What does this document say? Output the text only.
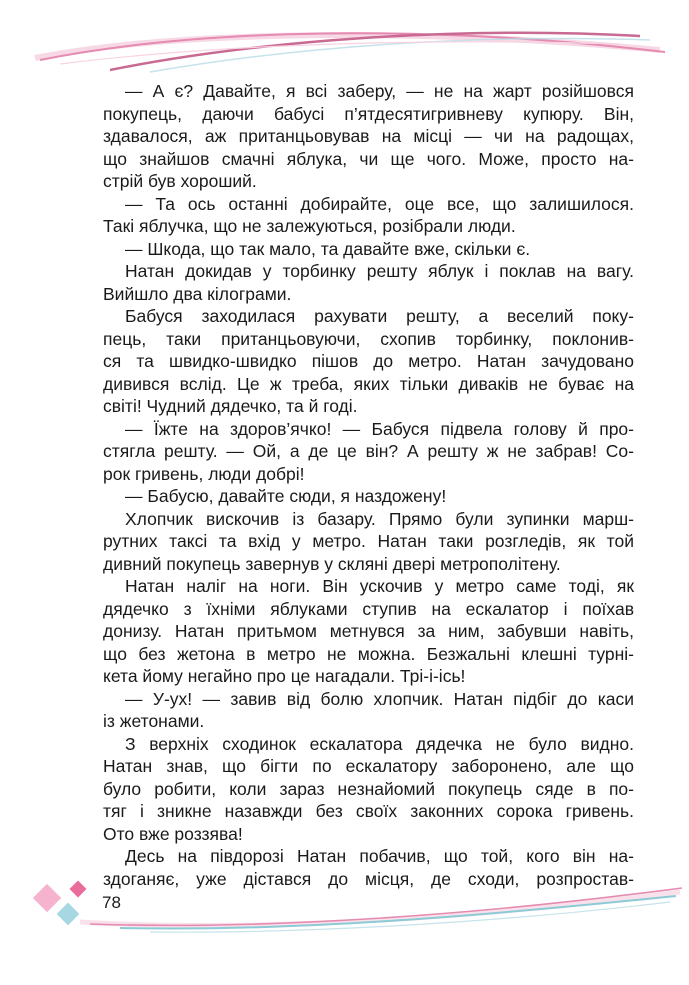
— А є? Давайте, я всі заберу, — не на жарт розійшовся
покупець, даючи бабусі п’ятдесятигривневу купюру. Він,
здавалося, аж пританцьовував на місці — чи на радощах,
що знайшов смачні яблука, чи ще чого. Може, просто на-
стрій був хороший.
— Та ось останні добирайте, оце все, що залишилося.
Такі яблучка, що не залежуються, розібрали люди.
— Шкода, що так мало, та давайте вже, скільки є.
Натан докидав у торбинку решту яблук і поклав на вагу.
Вийшло два кілограми.
Бабуся заходилася рахувати решту, а веселий поку-
пець, таки пританцьовуючи, схопив торбинку, поклонив-
ся та швидко-швидко пішов до метро. Натан зачудовано
дивився вслід. Це ж треба, яких тільки диваків не буває на
світі! Чудний дядечко, та й годі.
— Їжте на здоров’ячко! — Бабуся підвела голову й про-
стягла решту. — Ой, а де це він? А решту ж не забрав! Со-
рок гривень, люди добрі!
— Бабусю, давайте сюди, я наздожену!
Хлопчик вискочив із базару. Прямо були зупинки марш-
рутних таксі та вхід у метро. Натан таки розгледів, як той
дивний покупець завернув у скляні двері метрополітену.
Натан наліг на ноги. Він ускочив у метро саме тоді, як
дядечко з їхніми яблуками ступив на ескалатор і поїхав
донизу. Натан притьмом метнувся за ним, забувши навіть,
що без жетона в метро не можна. Безжальні клешні турні-
кета йому негайно про це нагадали. Трі-і-ісь!
— У-ух! — завив від болю хлопчик. Натан підбіг до каси
із жетонами.
З верхніх сходинок ескалатора дядечка не було видно.
Натан знав, що бігти по ескалатору заборонено, але що
було робити, коли зараз незнайомий покупець сяде в по-
тяг і зникне назавжди без своїх законних сорока гривень.
Ото вже роззява!
Десь на півдорозі Натан побачив, що той, кого він на-
здоганяє, уже дістався до місця, де сходи, розпростав-
78
